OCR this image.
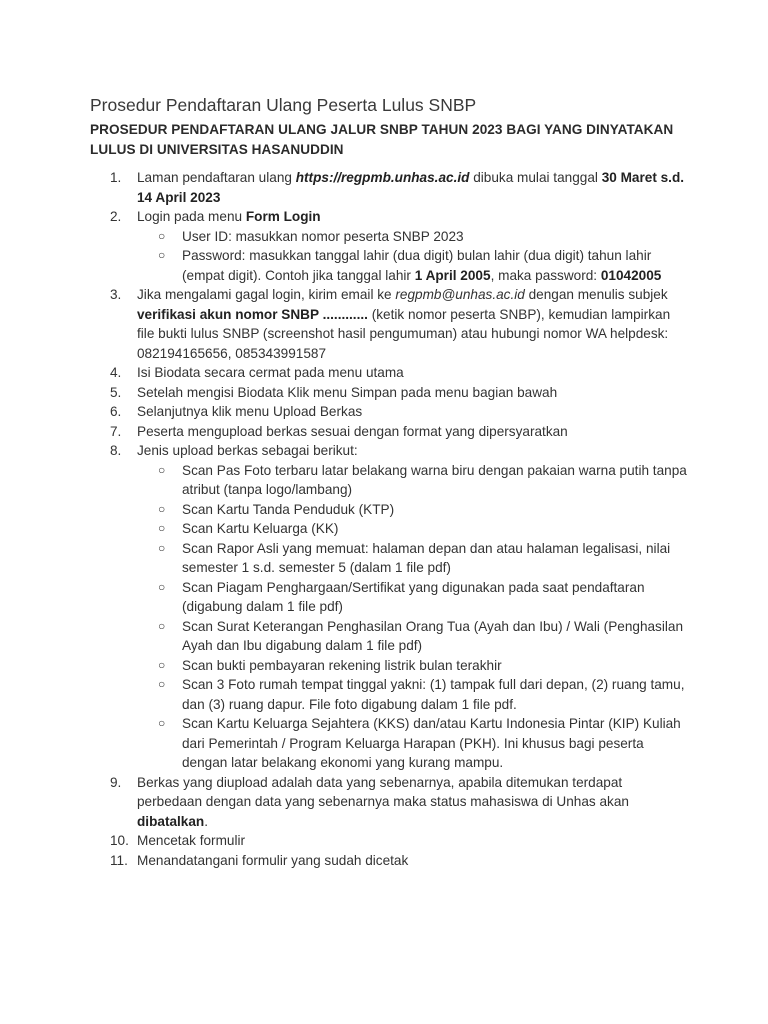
Prosedur Pendaftaran Ulang Peserta Lulus SNBP
PROSEDUR PENDAFTARAN ULANG JALUR SNBP TAHUN 2023 BAGI YANG DINYATAKAN LULUS DI UNIVERSITAS HASANUDDIN
1.	Laman pendaftaran ulang https://regpmb.unhas.ac.id dibuka mulai tanggal 30 Maret s.d. 14 April 2023
2.	Login pada menu Form Login
○ User ID: masukkan nomor peserta SNBP 2023
○ Password: masukkan tanggal lahir (dua digit) bulan lahir (dua digit) tahun lahir (empat digit). Contoh jika tanggal lahir 1 April 2005, maka password: 01042005
3.	Jika mengalami gagal login, kirim email ke regpmb@unhas.ac.id dengan menulis subjek verifikasi akun nomor SNBP ............ (ketik nomor peserta SNBP), kemudian lampirkan file bukti lulus SNBP (screenshot hasil pengumuman) atau hubungi nomor WA helpdesk: 082194165656, 085343991587
4.	Isi Biodata secara cermat pada menu utama
5.	Setelah mengisi Biodata Klik menu Simpan pada menu bagian bawah
6.	Selanjutnya klik menu Upload Berkas
7.	Peserta mengupload berkas sesuai dengan format yang dipersyaratkan
8.	Jenis upload berkas sebagai berikut:
○ Scan Pas Foto terbaru latar belakang warna biru dengan pakaian warna putih tanpa atribut (tanpa logo/lambang)
○ Scan Kartu Tanda Penduduk (KTP)
○ Scan Kartu Keluarga (KK)
○ Scan Rapor Asli yang memuat: halaman depan dan atau halaman legalisasi, nilai semester 1 s.d. semester 5 (dalam 1 file pdf)
○ Scan Piagam Penghargaan/Sertifikat yang digunakan pada saat pendaftaran (digabung dalam 1 file pdf)
○ Scan Surat Keterangan Penghasilan Orang Tua (Ayah dan Ibu) / Wali (Penghasilan Ayah dan Ibu digabung dalam 1 file pdf)
○ Scan bukti pembayaran rekening listrik bulan terakhir
○ Scan 3 Foto rumah tempat tinggal yakni: (1) tampak full dari depan, (2) ruang tamu, dan (3) ruang dapur. File foto digabung dalam 1 file pdf.
○ Scan Kartu Keluarga Sejahtera (KKS) dan/atau Kartu Indonesia Pintar (KIP) Kuliah dari Pemerintah / Program Keluarga Harapan (PKH). Ini khusus bagi peserta dengan latar belakang ekonomi yang kurang mampu.
9.	Berkas yang diupload adalah data yang sebenarnya, apabila ditemukan terdapat perbedaan dengan data yang sebenarnya maka status mahasiswa di Unhas akan dibatalkan.
10. Mencetak formulir
11. Menandatangani formulir yang sudah dicetak
